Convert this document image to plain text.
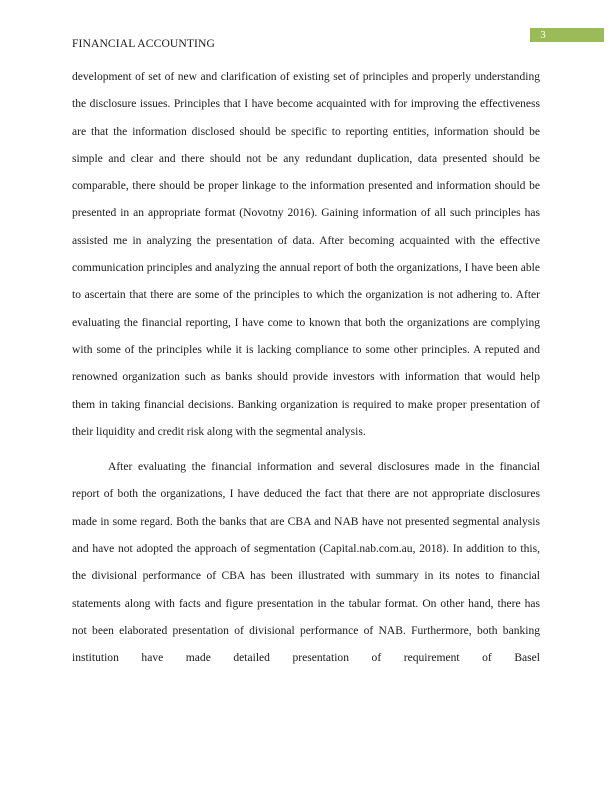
3
FINANCIAL ACCOUNTING

development of set of new and clarification of existing set of principles and properly understanding the disclosure issues. Principles that I have become acquainted with for improving the effectiveness are that the information disclosed should be specific to reporting entities, information should be simple and clear and there should not be any redundant duplication, data presented should be comparable, there should be proper linkage to the information presented and information should be presented in an appropriate format (Novotny 2016). Gaining information of all such principles has assisted me in analyzing the presentation of data. After becoming acquainted with the effective communication principles and analyzing the annual report of both the organizations, I have been able to ascertain that there are some of the principles to which the organization is not adhering to. After evaluating the financial reporting, I have come to known that both the organizations are complying with some of the principles while it is lacking compliance to some other principles. A reputed and renowned organization such as banks should provide investors with information that would help them in taking financial decisions. Banking organization is required to make proper presentation of their liquidity and credit risk along with the segmental analysis.

After evaluating the financial information and several disclosures made in the financial report of both the organizations, I have deduced the fact that there are not appropriate disclosures made in some regard. Both the banks that are CBA and NAB have not presented segmental analysis and have not adopted the approach of segmentation (Capital.nab.com.au, 2018). In addition to this, the divisional performance of CBA has been illustrated with summary in its notes to financial statements along with facts and figure presentation in the tabular format. On other hand, there has not been elaborated presentation of divisional performance of NAB. Furthermore, both banking institution have made detailed presentation of requirement of Basel
